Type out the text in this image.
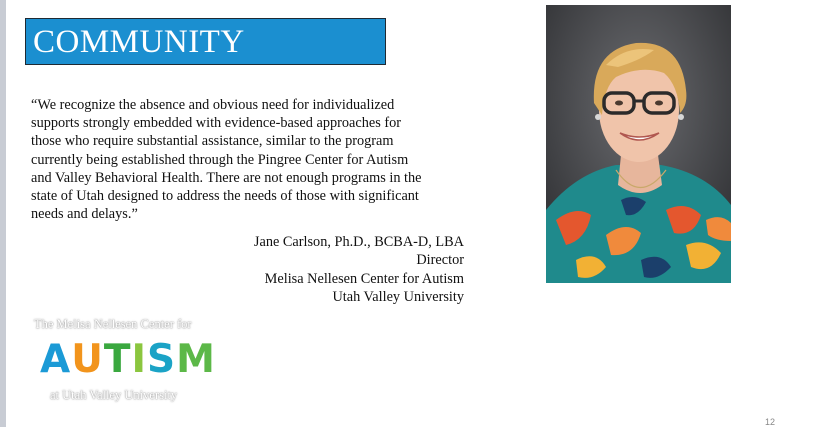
COMMUNITY
“We recognize the absence and obvious need for individualized
supports strongly embedded with evidence-based approaches for
those who require substantial assistance, similar to the program
currently being established through the Pingree Center for Autism
and Valley Behavioral Health. There are not enough programs in the
state of Utah designed to address the needs of those with significant
needs and delays.”
Jane Carlson, Ph.D., BCBA-D, LBA
Director
Melisa Nellesen Center for Autism
Utah Valley University
The Melisa Nellesen Center for
AUTISM
at Utah Valley University
12
